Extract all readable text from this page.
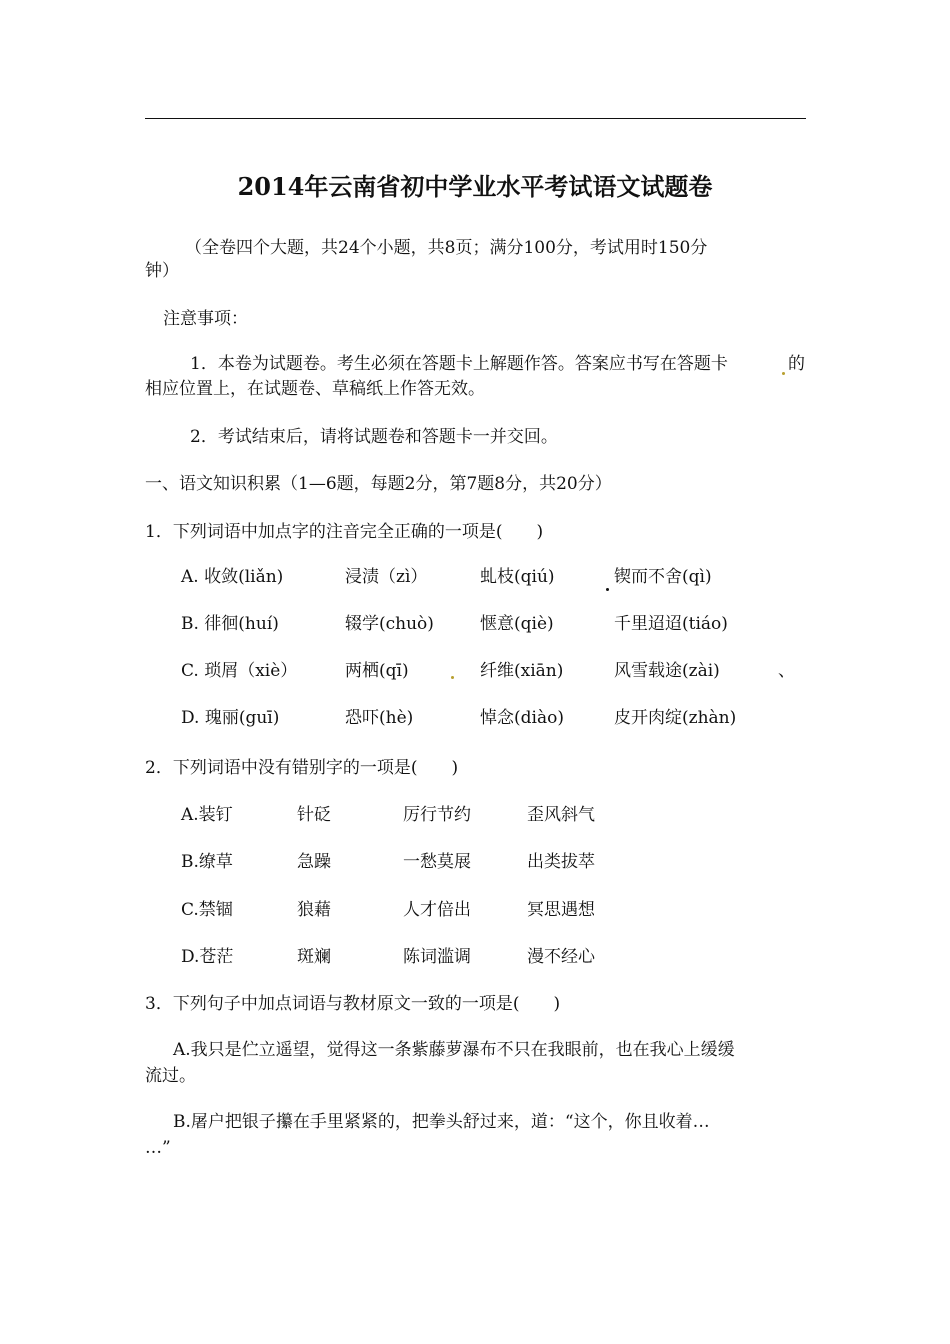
2014年云南省初中学业水平考试语文试题卷
（全卷四个大题，共24个小题，共8页；满分100分，考试用时150分
钟）
注意事项：
1．本卷为试题卷。考生必须在答题卡上解题作答。答案应书写在答题卡	的
相应位置上，在试题卷、草稿纸上作答无效。
2．考试结束后，请将试题卷和答题卡一并交回。
一、语文知识积累（1—6题，每题2分，第7题8分，共20分）
1．下列词语中加点字的注音完全正确的一项是(　　)
A. 收敛(liǎn)	浸渍（zì）	虬枝(qiú)	锲而不舍(qì)
B. 徘徊(huí)	辍学(chuò)	惬意(qiè)	千里迢迢(tiáo)
C. 琐屑（xiè）	两栖(qī)	纤维(xiān)	风雪载途(zài)	、
D. 瑰丽(guī)	恐吓(hè)	悼念(diào)	皮开肉绽(zhàn)
2．下列词语中没有错别字的一项是(　　)
A.装钉	针砭	厉行节约	歪风斜气
B.缭草	急躁	一愁莫展	出类拔萃
C.禁锢	狼藉	人才倍出	冥思遇想
D.苍茫	斑斓	陈词滥调	漫不经心
3．下列句子中加点词语与教材原文一致的一项是(　　)
A.我只是伫立遥望，觉得这一条紫藤萝瀑布不只在我眼前，也在我心上缓缓
流过。
B.屠户把银子攥在手里紧紧的，把拳头舒过来，道：“这个，你且收着…
…”
